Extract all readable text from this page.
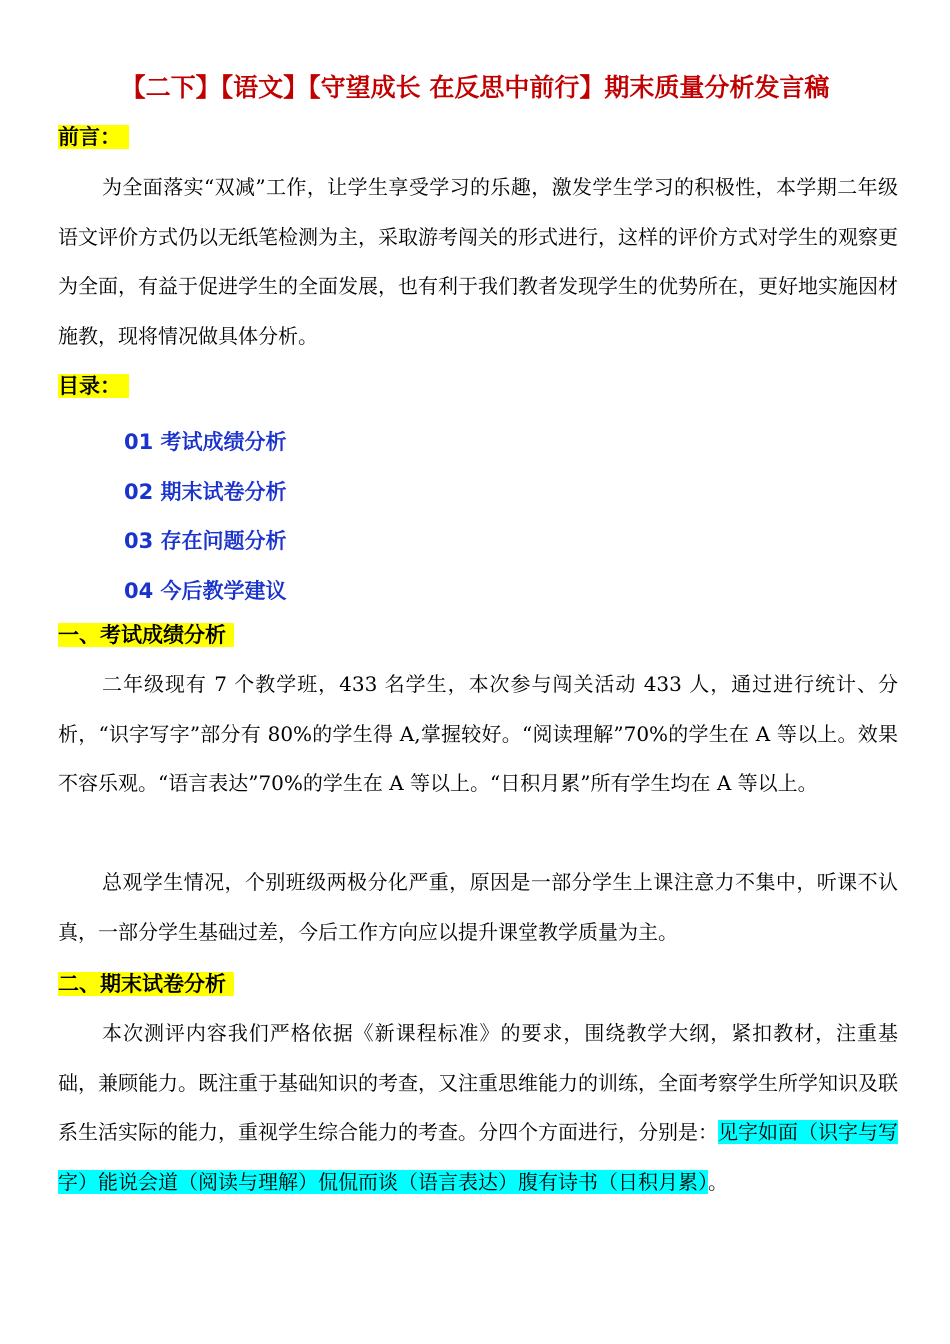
【二下】【语文】【守望成长 在反思中前行】期末质量分析发言稿
前言：
为全面落实“双减”工作，让学生享受学习的乐趣，激发学生学习的积极性，本学期二年级语文评价方式仍以无纸笔检测为主，采取游考闯关的形式进行，这样的评价方式对学生的观察更为全面，有益于促进学生的全面发展，也有利于我们教者发现学生的优势所在，更好地实施因材施教，现将情况做具体分析。
目录：
01 考试成绩分析
02 期末试卷分析
03 存在问题分析
04 今后教学建议
一、考试成绩分析
二年级现有 7 个教学班，433 名学生，本次参与闯关活动 433 人，通过进行统计、分析，“识字写字”部分有 80%的学生得 A,掌握较好。“阅读理解”70%的学生在 A 等以上。效果不容乐观。“语言表达”70%的学生在 A 等以上。“日积月累”所有学生均在 A 等以上。
总观学生情况，个别班级两极分化严重，原因是一部分学生上课注意力不集中，听课不认真，一部分学生基础过差，今后工作方向应以提升课堂教学质量为主。
二、期末试卷分析
本次测评内容我们严格依据《新课程标准》的要求，围绕教学大纲，紧扣教材，注重基础，兼顾能力。既注重于基础知识的考查，又注重思维能力的训练，全面考察学生所学知识及联系生活实际的能力，重视学生综合能力的考查。分四个方面进行，分别是：见字如面（识字与写字）能说会道（阅读与理解）侃侃而谈（语言表达）腹有诗书（日积月累）。
